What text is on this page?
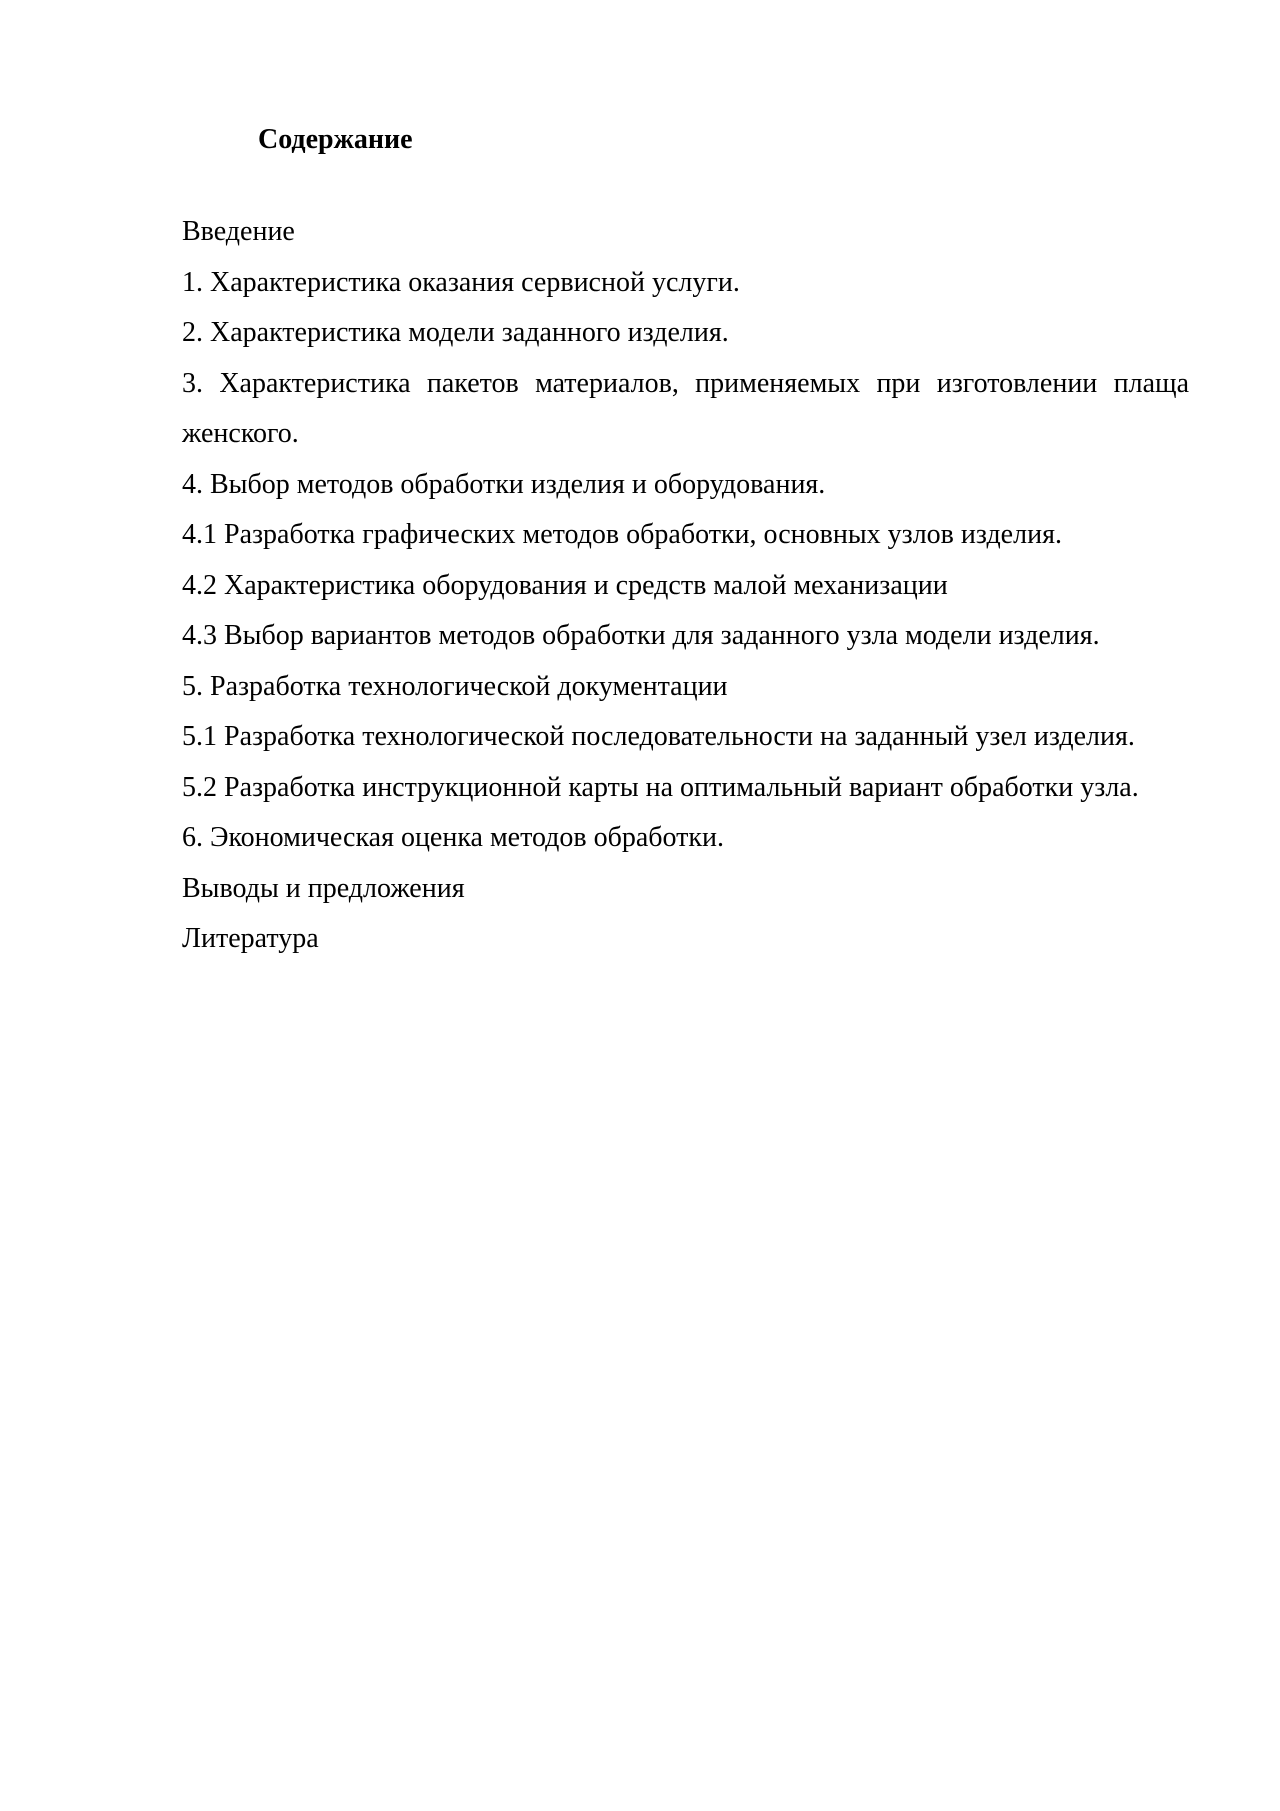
Содержание
Введение
1. Характеристика оказания сервисной услуги.
2. Характеристика модели заданного изделия.
3. Характеристика пакетов материалов, применяемых при изготовлении плаща женского.
4. Выбор методов обработки изделия и оборудования.
4.1 Разработка графических методов обработки, основных узлов изделия.
4.2 Характеристика оборудования и средств малой механизации
4.3 Выбор вариантов методов обработки для заданного узла модели изделия.
5. Разработка технологической документации
5.1 Разработка технологической последовательности на заданный узел изделия.
5.2 Разработка инструкционной карты на оптимальный вариант обработки узла.
6. Экономическая оценка методов обработки.
Выводы и предложения
Литература
